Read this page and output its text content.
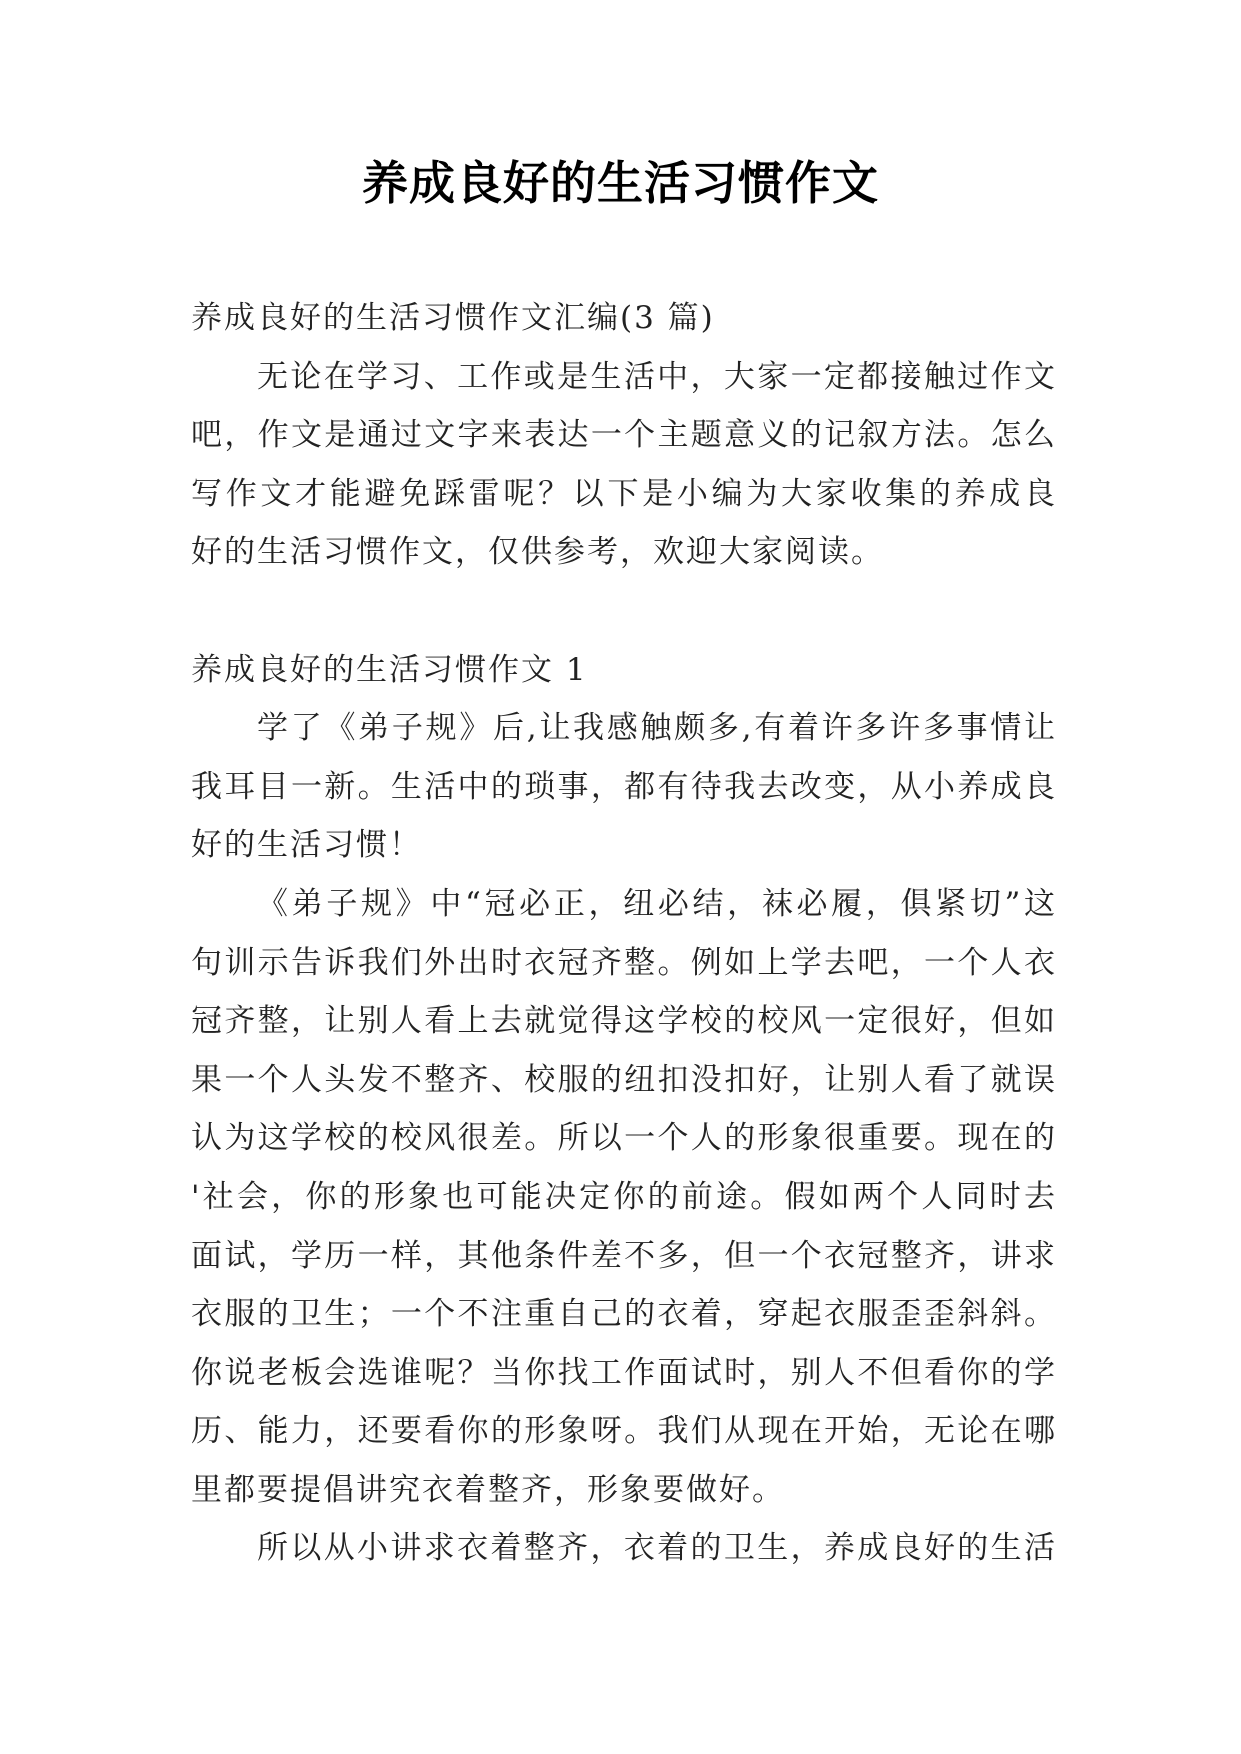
养成良好的生活习惯作文
养成良好的生活习惯作文汇编(3 篇)
无论在学习、工作或是生活中，大家一定都接触过作文
吧，作文是通过文字来表达一个主题意义的记叙方法。怎么
写作文才能避免踩雷呢？以下是小编为大家收集的养成良
好的生活习惯作文，仅供参考，欢迎大家阅读。
养成良好的生活习惯作文 1
学了《弟子规》后,让我感触颇多,有着许多许多事情让
我耳目一新。生活中的琐事，都有待我去改变，从小养成良
好的生活习惯！
《弟子规》中“冠必正，纽必结，袜必履，俱紧切”这
句训示告诉我们外出时衣冠齐整。例如上学去吧，一个人衣
冠齐整，让别人看上去就觉得这学校的校风一定很好，但如
果一个人头发不整齐、校服的纽扣没扣好，让别人看了就误
认为这学校的校风很差。所以一个人的形象很重要。现在的
'社会，你的形象也可能决定你的前途。假如两个人同时去
面试，学历一样，其他条件差不多，但一个衣冠整齐，讲求
衣服的卫生；一个不注重自己的衣着，穿起衣服歪歪斜斜。
你说老板会选谁呢？当你找工作面试时，别人不但看你的学
历、能力，还要看你的形象呀。我们从现在开始，无论在哪
里都要提倡讲究衣着整齐，形象要做好。
所以从小讲求衣着整齐，衣着的卫生，养成良好的生活
